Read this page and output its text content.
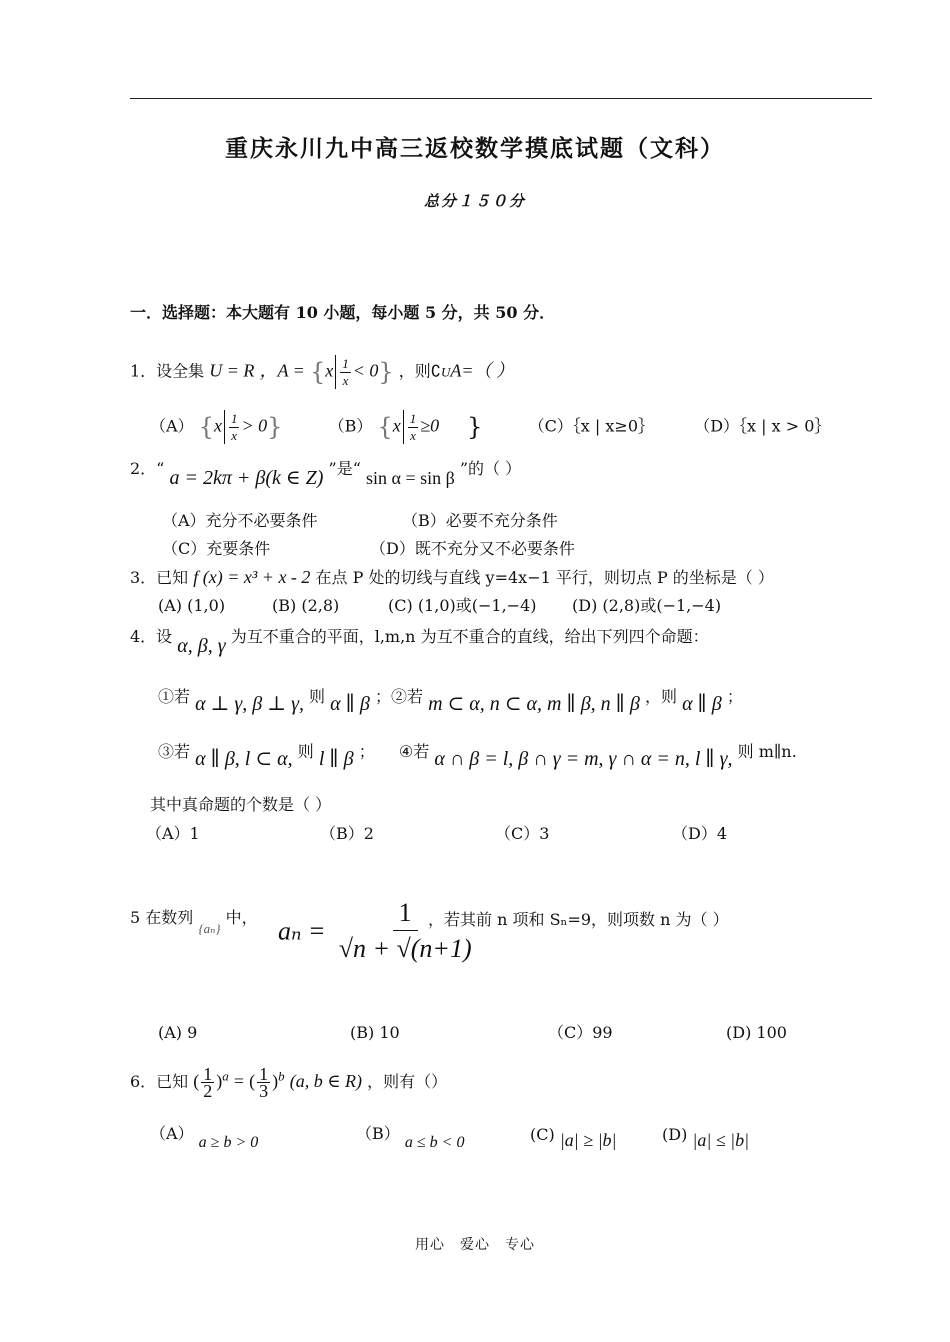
重庆永川九中高三返校数学摸底试题（文科）
总分１５０分
一．选择题：本大题有 10 小题，每小题 5 分，共 50 分．
1．设全集 U = R ，$A = \{x \frac{1}{x} < 0\}$ ，则∁UA=（ ）
（A） $\{x \frac{1}{x} > 0\}$	（B） {$x \frac{1}{x} \ge 0$ }	（C）｛x | x≥0｝	（D）｛x | x > 0｝
2．“ a = 2kπ + β(k ∈ Z) ”是“ sin α = sin β ”的（ ）
（A）充分不必要条件	（B）必要不充分条件
（C）充要条件	（D）既不充分又不必要条件
3．已知 f (x) = x³ + x - 2 在点 P 处的切线与直线 y=4x−1 平行，则切点 P 的坐标是（ ）
(A) (1,0)	(B) (2,8)	(C) (1,0)或(−1,−4) (D) (2,8)或(−1,−4)
4．设 α, β, γ 为互不重合的平面，l,m,n 为互不重合的直线，给出下列四个命题：
①若 α ⊥ γ, β ⊥ γ, 则 α ∥ β ；②若 m ⊂ α, n ⊂ α, m ∥ β, n ∥ β ，则 α ∥ β ；
③若 α ∥ β, l ⊂ α, 则 l ∥ β ； ④若 α ∩ β = l, β ∩ γ = m, γ ∩ α = n, l ∥ γ, 则 m∥n.
其中真命题的个数是（ ）
（A）1	（B）2	（C）3	（D）4
5 在数列 $_{\{a_n\}}$ 中， $a_n = \frac{1}{√n + √(n+1)}$
，若其前 n 项和 Sₙ=9，则项数 n 为（ ）
(A) 9	(B) 10	（C）99	(D) 100
6．已知 ( $\frac{1}{2} )^a$ = ( $\frac{1}{3} )^b$ (a, b ∈ R) ，则有（）
（A） a ≥ b > 0	（B） a ≤ b < 0	(C) |a| ≥ |b|	(D) |a| ≤ |b|
用心　爱心　专心
